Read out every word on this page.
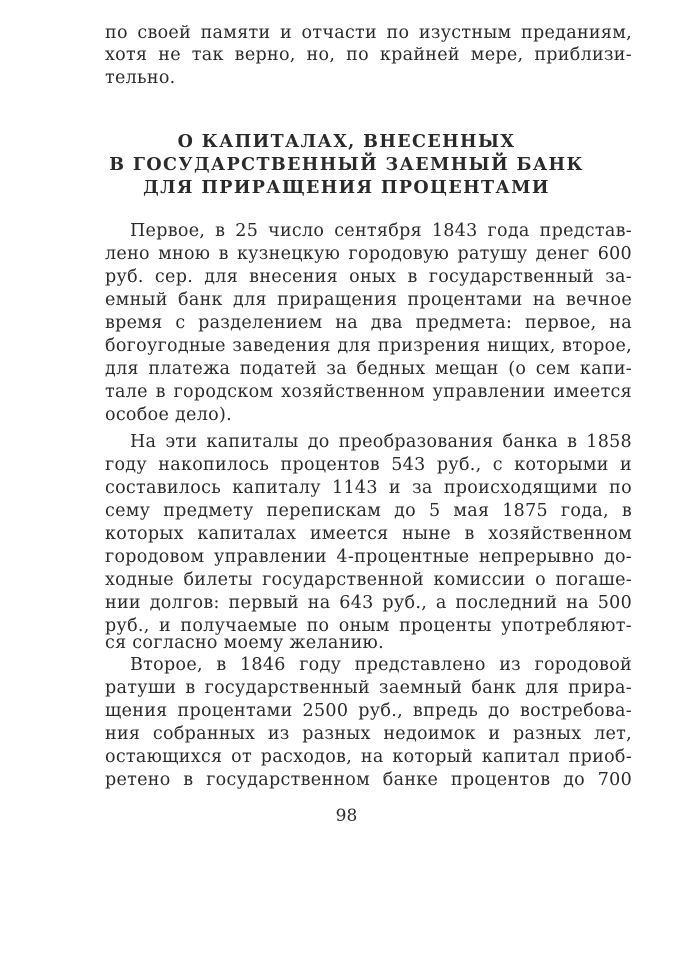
по своей памяти и отчасти по изустным преданиям,
хотя не так верно, но, по крайней мере, приблизи-
тельно.
О КАПИТАЛАХ, ВНЕСЕННЫХ
В ГОСУДАРСТВЕННЫЙ ЗАЕМНЫЙ БАНК
ДЛЯ ПРИРАЩЕНИЯ ПРОЦЕНТАМИ
Первое, в 25 число сентября 1843 года представ-
лено мною в кузнецкую городовую ратушу денег 600
руб. сер. для внесения оных в государственный за-
емный банк для приращения процентами на вечное
время с разделением на два предмета: первое, на
богоугодные заведения для призрения нищих, второе,
для платежа податей за бедных мещан (о сем капи-
тале в городском хозяйственном управлении имеется
особое дело).
На эти капиталы до преобразования банка в 1858
году накопилось процентов 543 руб., с которыми и
составилось капиталу 1143 и за происходящими по
сему предмету перепискам до 5 мая 1875 года, в
которых капиталах имеется ныне в хозяйственном
городовом управлении 4-процентные непрерывно до-
ходные билеты государственной комиссии о погаше-
нии долгов: первый на 643 руб., а последний на 500
руб., и получаемые по оным проценты употребляют-
ся согласно моему желанию.
Второе, в 1846 году представлено из городовой
ратуши в государственный заемный банк для прира-
щения процентами 2500 руб., впредь до востребова-
ния собранных из разных недоимок и разных лет,
остающихся от расходов, на который капитал приоб-
ретено в государственном банке процентов до 700
98
